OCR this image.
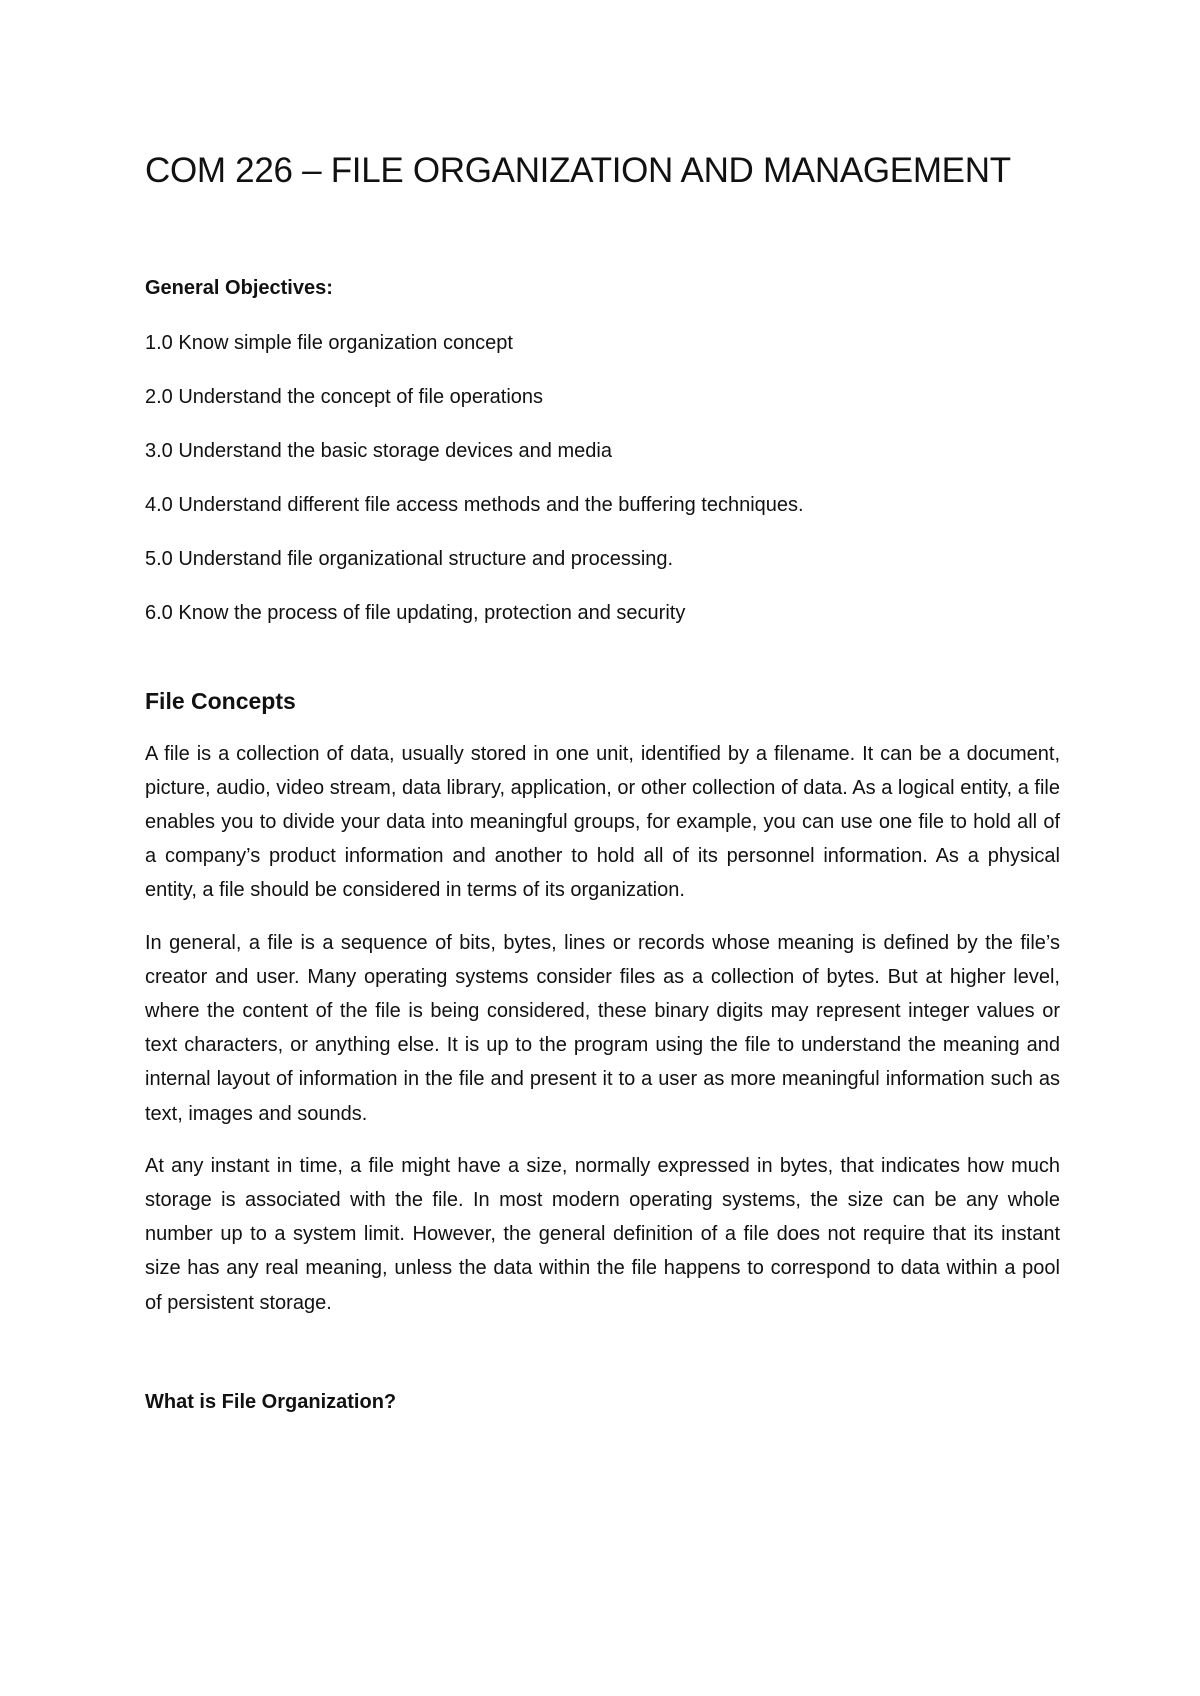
COM 226 – FILE ORGANIZATION AND MANAGEMENT
General Objectives:
1.0 Know simple file organization concept
2.0 Understand the concept of file operations
3.0 Understand the basic storage devices and media
4.0 Understand different file access methods and the buffering techniques.
5.0 Understand file organizational structure and processing.
6.0 Know the process of file updating, protection and security
File Concepts

A file is a collection of data, usually stored in one unit, identified by a filename. It can be a document, picture, audio, video stream, data library, application, or other collection of data. As a logical entity, a file enables you to divide your data into meaningful groups, for example, you can use one file to hold all of a company’s product information and another to hold all of its personnel information. As a physical entity, a file should be considered in terms of its organization.

In general, a file is a sequence of bits, bytes, lines or records whose meaning is defined by the file’s creator and user. Many operating systems consider files as a collection of bytes. But at higher level, where the content of the file is being considered, these binary digits may represent integer values or text characters, or anything else. It is up to the program using the file to understand the meaning and internal layout of information in the file and present it to a user as more meaningful information such as text, images and sounds.

At any instant in time, a file might have a size, normally expressed in bytes, that indicates how much storage is associated with the file. In most modern operating systems, the size can be any whole number up to a system limit. However, the general definition of a file does not require that its instant size has any real meaning, unless the data within the file happens to correspond to data within a pool of persistent storage.

What is File Organization?
